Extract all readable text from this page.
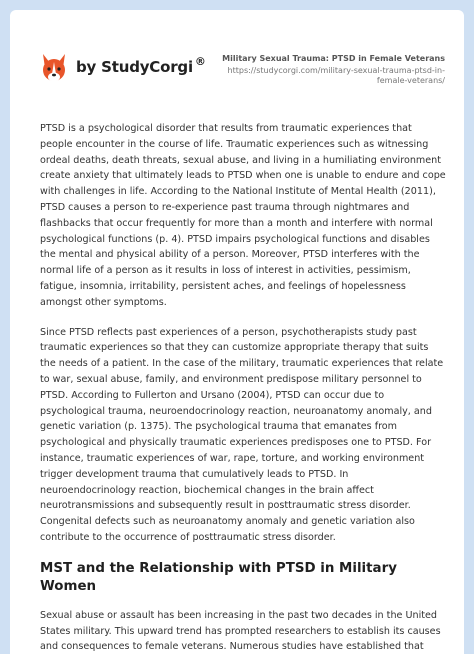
by StudyCorgi ®	Military Sexual Trauma: PTSD in Female Veterans
https://studycorgi.com/military-sexual-trauma-ptsd-in-female-veterans/

PTSD is a psychological disorder that results from traumatic experiences that people encounter in the course of life. Traumatic experiences such as witnessing ordeal deaths, death threats, sexual abuse, and living in a humiliating environment create anxiety that ultimately leads to PTSD when one is unable to endure and cope with challenges in life. According to the National Institute of Mental Health (2011), PTSD causes a person to re-experience past trauma through nightmares and flashbacks that occur frequently for more than a month and interfere with normal psychological functions (p. 4). PTSD impairs psychological functions and disables the mental and physical ability of a person. Moreover, PTSD interferes with the normal life of a person as it results in loss of interest in activities, pessimism, fatigue, insomnia, irritability, persistent aches, and feelings of hopelessness amongst other symptoms.

Since PTSD reflects past experiences of a person, psychotherapists study past traumatic experiences so that they can customize appropriate therapy that suits the needs of a patient. In the case of the military, traumatic experiences that relate to war, sexual abuse, family, and environment predispose military personnel to PTSD. According to Fullerton and Ursano (2004), PTSD can occur due to psychological trauma, neuroendocrinology reaction, neuroanatomy anomaly, and genetic variation (p. 1375). The psychological trauma that emanates from psychological and physically traumatic experiences predisposes one to PTSD. For instance, traumatic experiences of war, rape, torture, and working environment trigger development trauma that cumulatively leads to PTSD. In neuroendocrinology reaction, biochemical changes in the brain affect neurotransmissions and subsequently result in posttraumatic stress disorder. Congenital defects such as neuroanatomy anomaly and genetic variation also contribute to the occurrence of posttraumatic stress disorder.

MST and the Relationship with PTSD in Military Women

Sexual abuse or assault has been increasing in the past two decades in the United States military. This upward trend has prompted researchers to establish its causes and consequences to female veterans. Numerous studies have established that
